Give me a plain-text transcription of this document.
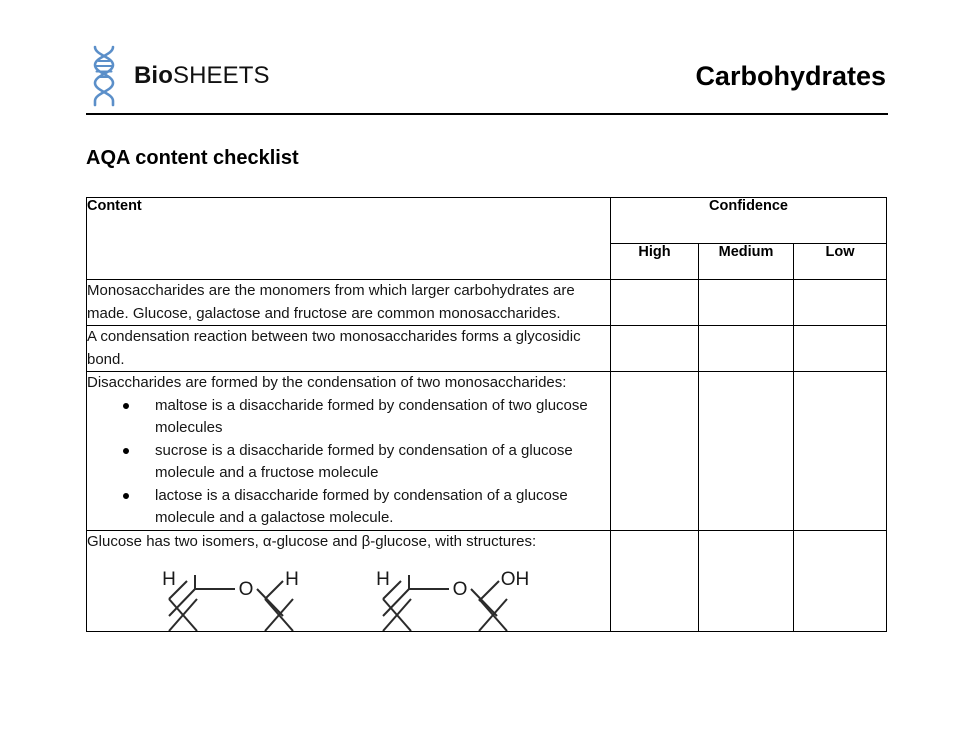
BioSHEETS	Carbohydrates
AQA content checklist
Content	Confidence		
	High	Medium	Low

Monosaccharides are the monomers from which larger carbohydrates are made. Glucose, galactose and fructose are common monosaccharides.			

A condensation reaction between two monosaccharides forms a glycosidic bond.			

Disaccharides are formed by the condensation of two monosaccharides:

maltose is a disaccharide formed by condensation of two glucose molecules
sucrose is a disaccharide formed by condensation of a glucose molecule and a fructose molecule
lactose is a disaccharide formed by condensation of a glucose molecule and a galactose molecule.

Glucose has two isomers, α-glucose and β-glucose, with structures:

H	O H	H	O OH
